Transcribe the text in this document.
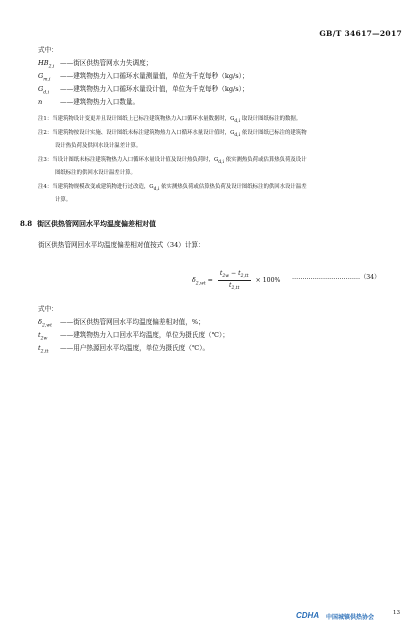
GB/T 34617—2017
式中：
$HB_{2,i}$ ——街区供热管网水力失调度；
$G_{m,i}$ ——建筑物热力入口循环水量测量值，单位为千克每秒（kg/s）；
$G_{d,i}$ ——建筑物热力入口循环水量设计值，单位为千克每秒（kg/s）；
n	——建筑物热力入口数量。
注1：当建筑物设计变更并且设计图纸上已标注建筑物热力入口循环水量数据时，$G_{d,i}$ 取设计图纸标注的数据。
注2：当建筑物按设计实施、设计图纸未标注建筑物热力入口循环水量设计值时，$G_{d,i}$ 依设计图纸已标注的建筑物
设计热负荷及供回水设计温差计算。
注3：当设计图纸未标注建筑物热力入口循环水量设计值及设计热负荷时，$G_{d,i}$ 依实测热负荷或估算热负荷及设计
图纸标注的供回水设计温差计算。
注4：当建筑物规模改变或建筑物进行过改造，$G_{d,i}$ 依实测热负荷或估算热负荷及设计图纸标注的供回水设计温差
计算。
8.8 街区供热管网回水平均温度偏差相对值
街区供热管网回水平均温度偏差相对值按式（34）计算：
$\delta_{2,wt} = \frac{t_{2w} - t_{2,tt}}{t_{2,tt}} \times 100\%$ ……………………………（34）
式中：
$\delta_{2,wt}$ ——街区供热管网回水平均温度偏差相对值，%；
$t_{2w}$ ——建筑物热力入口回水平均温度，单位为摄氏度（℃）；
$t_{2,tt}$ ——用户热源回水平均温度，单位为摄氏度（℃）。
13
CDHA 中国城镇供热协会
